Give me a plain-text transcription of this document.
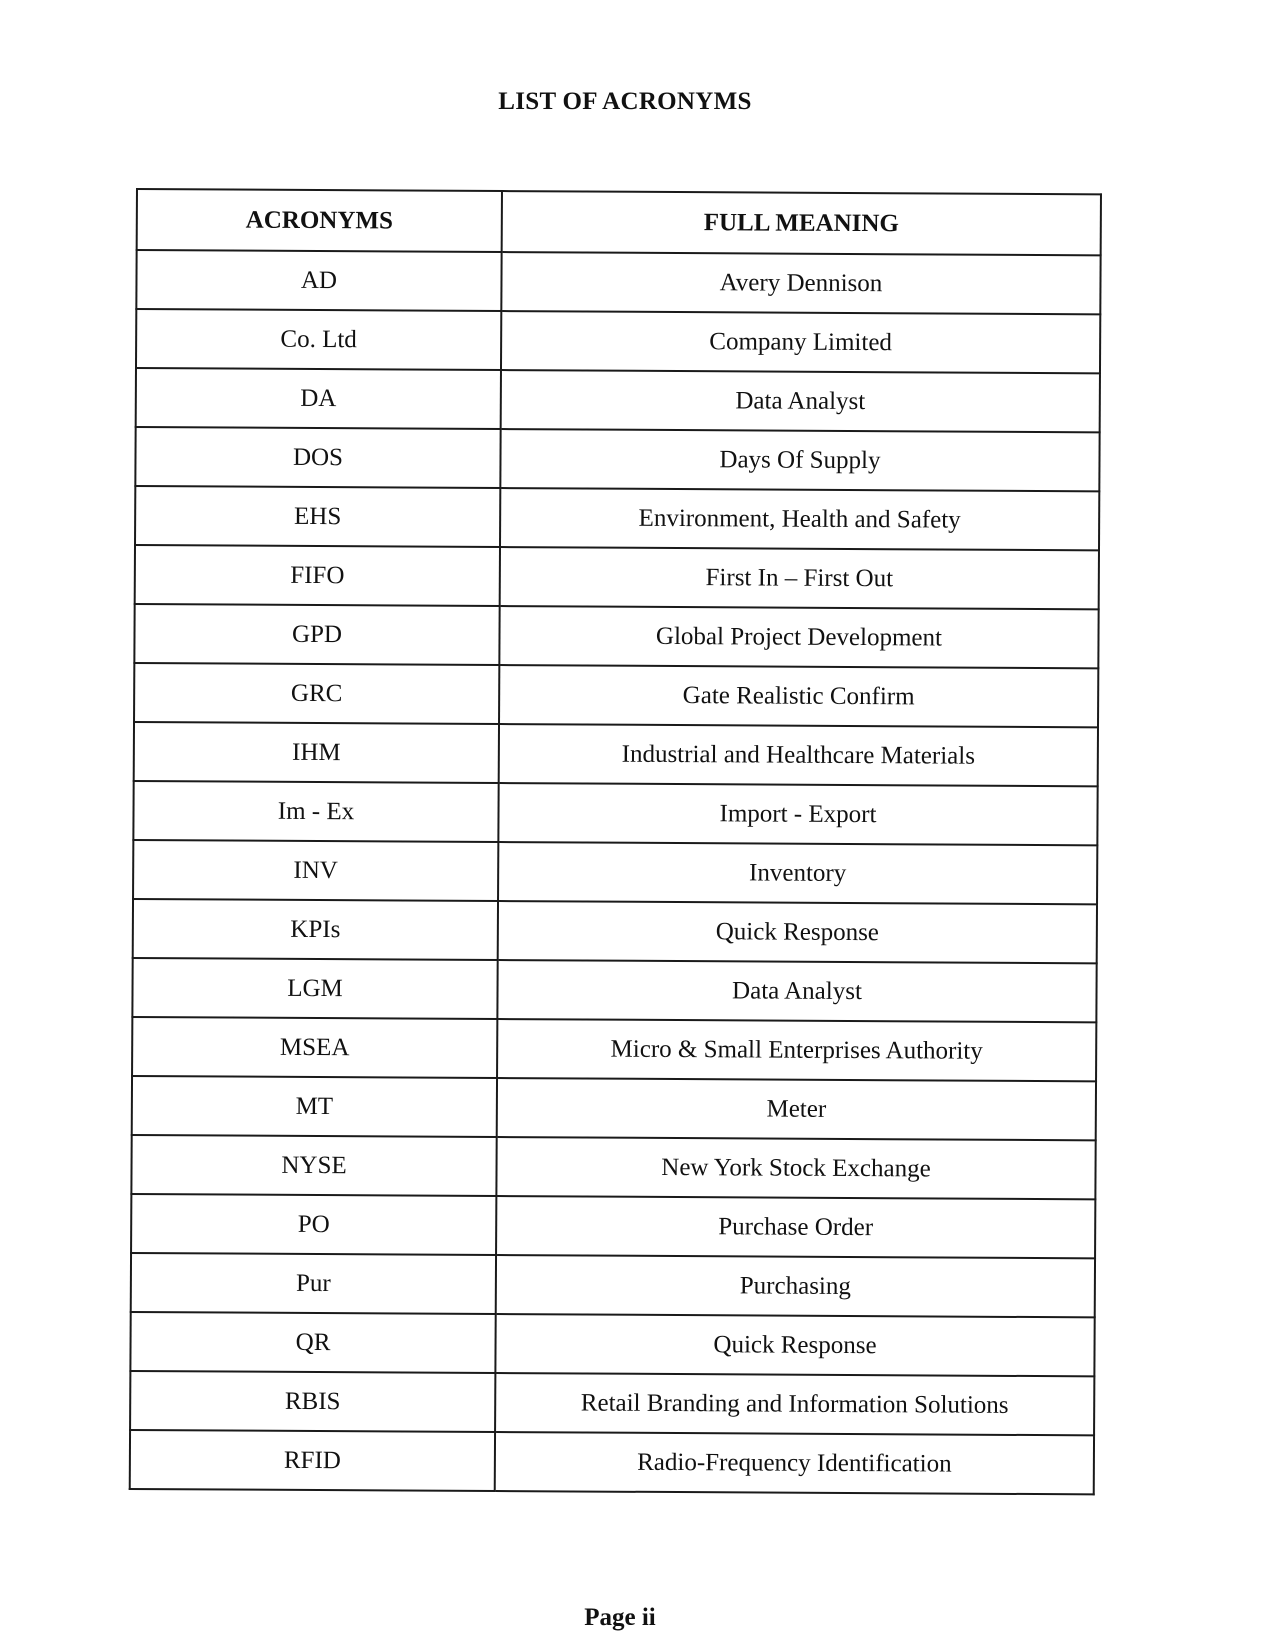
LIST OF ACRONYMS
ACRONYMS	FULL MEANING
AD	Avery Dennison
Co. Ltd	Company Limited
DA	Data Analyst
DOS	Days Of Supply
EHS	Environment, Health and Safety
FIFO	First In – First Out
GPD	Global Project Development
GRC	Gate Realistic Confirm
IHM	Industrial and Healthcare Materials
Im - Ex	Import - Export
INV	Inventory
KPIs	Quick Response
LGM	Data Analyst
MSEA	Micro & Small Enterprises Authority
MT	Meter
NYSE	New York Stock Exchange
PO	Purchase Order
Pur	Purchasing
QR	Quick Response
RBIS	Retail Branding and Information Solutions
RFID	Radio-Frequency Identification
Page ii
